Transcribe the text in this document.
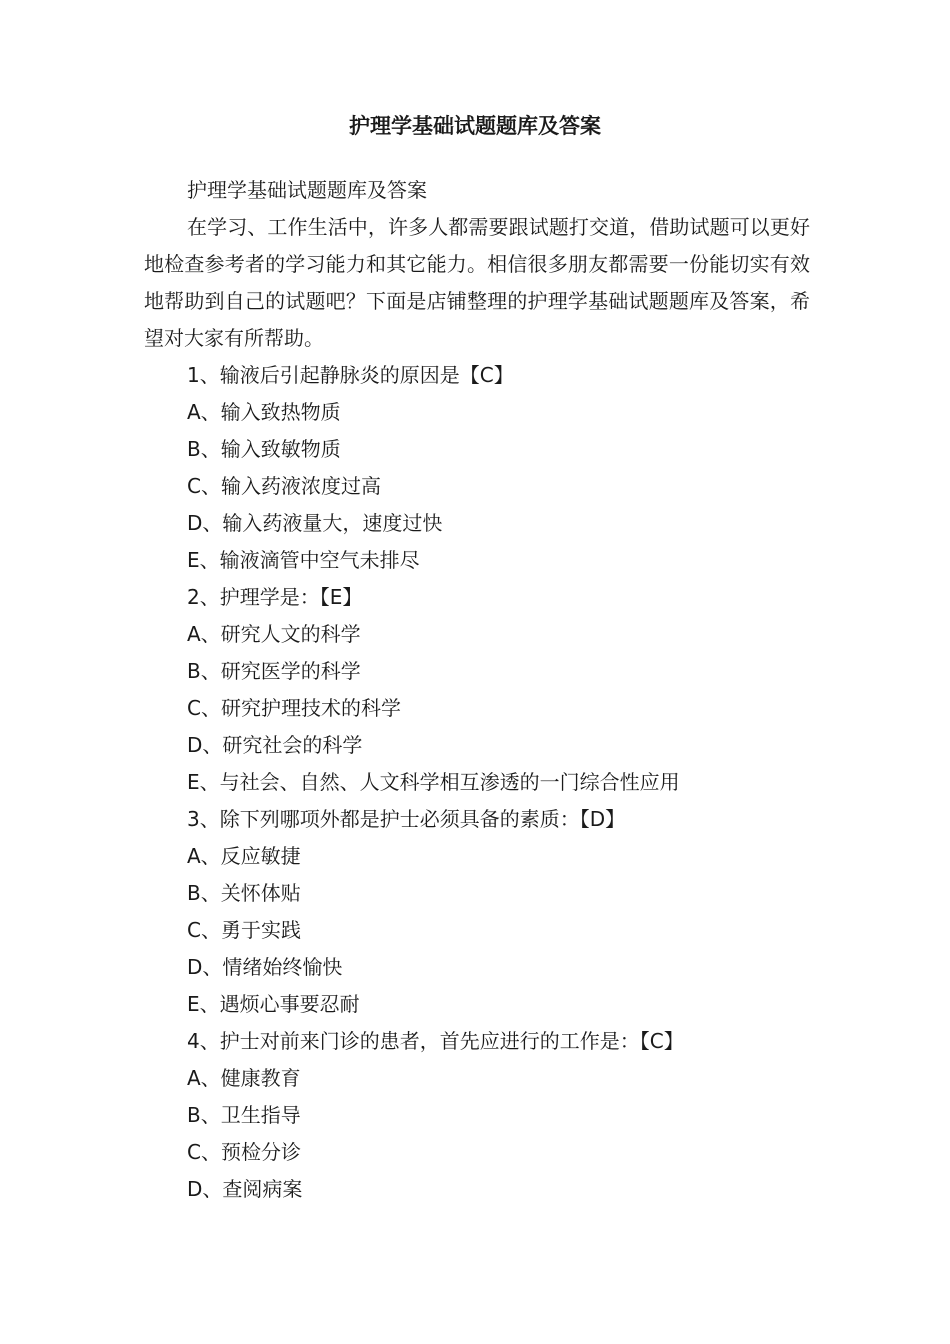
护理学基础试题题库及答案
护理学基础试题题库及答案
在学习、工作生活中，许多人都需要跟试题打交道，借助试题可以更好地检查参考者的学习能力和其它能力。相信很多朋友都需要一份能切实有效地帮助到自己的试题吧？下面是店铺整理的护理学基础试题题库及答案，希望对大家有所帮助。
1、输液后引起静脉炎的原因是【C】
A、输入致热物质
B、输入致敏物质
C、输入药液浓度过高
D、输入药液量大，速度过快
E、输液滴管中空气未排尽
2、护理学是：【E】
A、研究人文的科学
B、研究医学的科学
C、研究护理技术的科学
D、研究社会的科学
E、与社会、自然、人文科学相互渗透的一门综合性应用
3、除下列哪项外都是护士必须具备的素质：【D】
A、反应敏捷
B、关怀体贴
C、勇于实践
D、情绪始终愉快
E、遇烦心事要忍耐
4、护士对前来门诊的患者，首先应进行的工作是：【C】
A、健康教育
B、卫生指导
C、预检分诊
D、查阅病案
